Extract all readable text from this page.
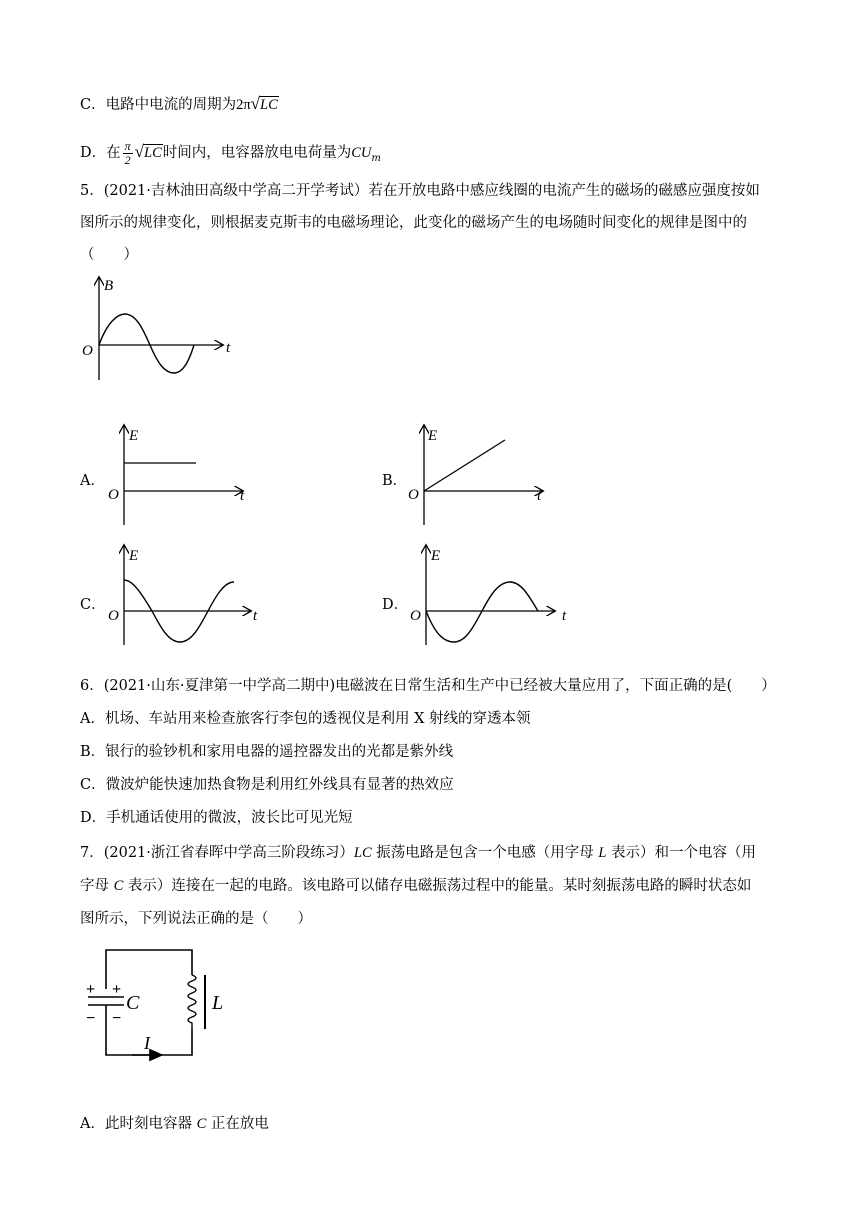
C．电路中电流的周期为2π√LC
D．在 $\frac{\pi}{2} √LC$时间内，电容器放电电荷量为$CU_m$
5．(2021·吉林油田高级中学高二开学考试）若在开放电路中感应线圈的电流产生的磁场的磁感应强度按如
图所示的规律变化，则根据麦克斯韦的电磁场理论，此变化的磁场产生的电场随时间变化的规律是图中的
（　　）
B
t
O
A．
E
t
O
B．
E
t
O
C．
E
t
O
D．
E
t
O
6．(2021·山东·夏津第一中学高二期中)电磁波在日常生活和生产中已经被大量应用了，下面正确的是(　　）
A．机场、车站用来检查旅客行李包的透视仪是利用 X 射线的穿透本领
B．银行的验钞机和家用电器的遥控器发出的光都是紫外线
C．微波炉能快速加热食物是利用红外线具有显著的热效应
D．手机通话使用的微波，波长比可见光短
7．(2021·浙江省春晖中学高三阶段练习）LC 振荡电路是包含一个电感（用字母 L 表示）和一个电容（用
字母 C 表示）连接在一起的电路。该电路可以储存电磁振荡过程中的能量。某时刻振荡电路的瞬时状态如
图所示，下列说法正确的是（　　）
+ +
− −
C	L
I
A．此时刻电容器 C 正在放电
